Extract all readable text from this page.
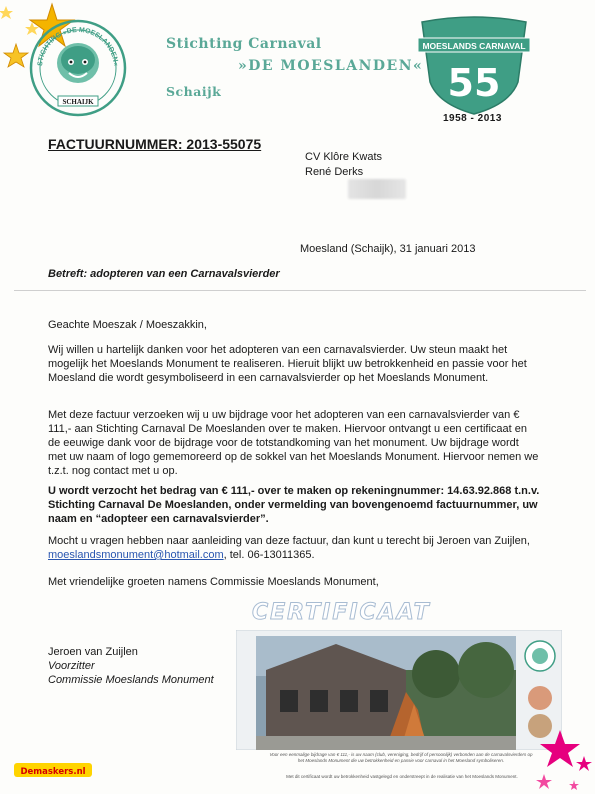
STICHTING »DE MOESLANDEN«
SCHAIJK
Stichting Carnaval
»DE MOESLANDEN«
Schaijk
MOESLANDS CARNAVAL
55
1958 - 2013
FACTUURNUMMER: 2013-55075
CV Klôre Kwats
René Derks
Moesland (Schaijk), 31 januari 2013
Betreft: adopteren van een Carnavalsvierder
Geachte Moeszak / Moeszakkin,
Wij willen u hartelijk danken voor het adopteren van een carnavalsvierder. Uw steun maakt het mogelijk het Moeslands Monument te realiseren. Hieruit blijkt uw betrokkenheid en passie voor het Moesland die wordt gesymboliseerd in een carnavalsvierder op het Moeslands Monument.
Met deze factuur verzoeken wij u uw bijdrage voor het adopteren van een carnavalsvierder van € 111,- aan Stichting Carnaval De Moeslanden over te maken. Hiervoor ontvangt u een certificaat en de eeuwige dank voor de bijdrage voor de totstandkoming van het monument. Uw bijdrage wordt met uw naam of logo gememoreerd op de sokkel van het Moeslands Monument. Hiervoor nemen we t.z.t. nog contact met u op.
U wordt verzocht het bedrag van € 111,- over te maken op rekeningnummer: 14.63.92.868 t.n.v. Stichting Carnaval De Moeslanden, onder vermelding van bovengenoemd factuurnummer, uw naam en “adopteer een carnavalsvierder”.
Mocht u vragen hebben naar aanleiding van deze factuur, dan kunt u terecht bij Jeroen van Zuijlen, moeslandsmonument@hotmail.com, tel. 06-13011365.
Met vriendelijke groeten namens Commissie Moeslands Monument,
Jeroen van Zuijlen
Voorzitter
Commissie Moeslands Monument
CERTIFICAAT
Voor een eenmalige bijdrage van € 111,- is uw naam (club, vereniging, bedrijf of persoonlijk) verbonden aan de carnavalsvierders op het Moeslands Monument die uw betrokkenheid en passie voor carnaval in het Moesland symboliseren.
Met dit certificaat wordt uw betrokkenheid vastgelegd en onderstreept in de realisatie van het Moeslands Monument.
Demaskers.nl
